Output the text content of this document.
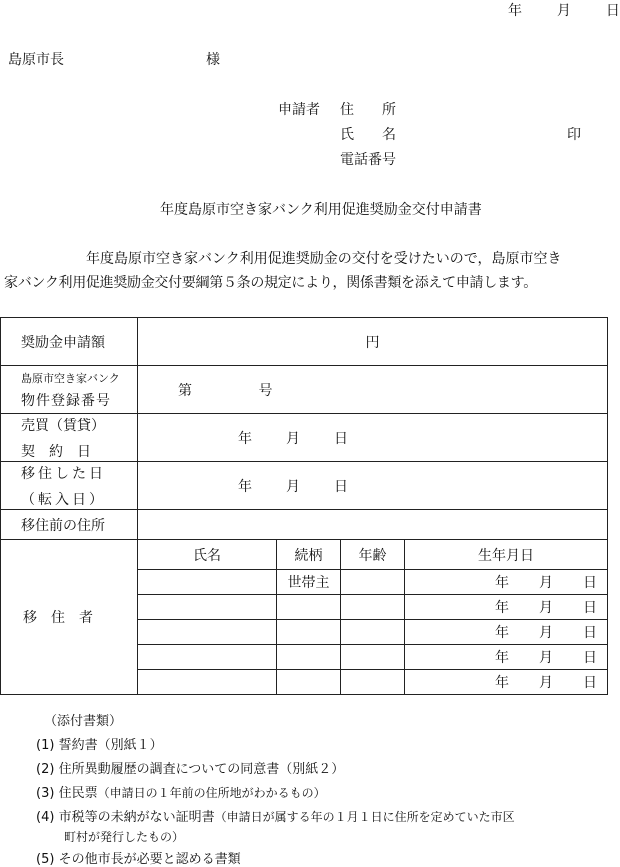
年 月 日
島原市長	様
申請者 住　　所
氏　　名	印
電話番号
年度島原市空き家バンク利用促進奨励金交付申請書
年度島原市空き家バンク利用促進奨励金の交付を受けたいので，島原市空き
家バンク利用促進奨励金交付要綱第５条の規定により，関係書類を添えて申請します。
奨励金申請額	円			

島原市空き家バンク
物件登録番号	第 号			

売買（賃貸）
契　約　日	年 月 日			

移住した日
（転入日）	年 月 日			
移住前の住所				
移　住　者	氏名	続柄	年齢	生年月日
		世帯主		年 月 日
				年 月 日
				年 月 日
				年 月 日
				年 月 日
（添付書類）
(1) 誓約書（別紙１）
(2) 住所異動履歴の調査についての同意書（別紙２）
(3) 住民票（申請日の１年前の住所地がわかるもの）
(4) 市税等の未納がない証明書（申請日が属する年の１月１日に住所を定めていた市区
町村が発行したもの）
(5) その他市長が必要と認める書類
